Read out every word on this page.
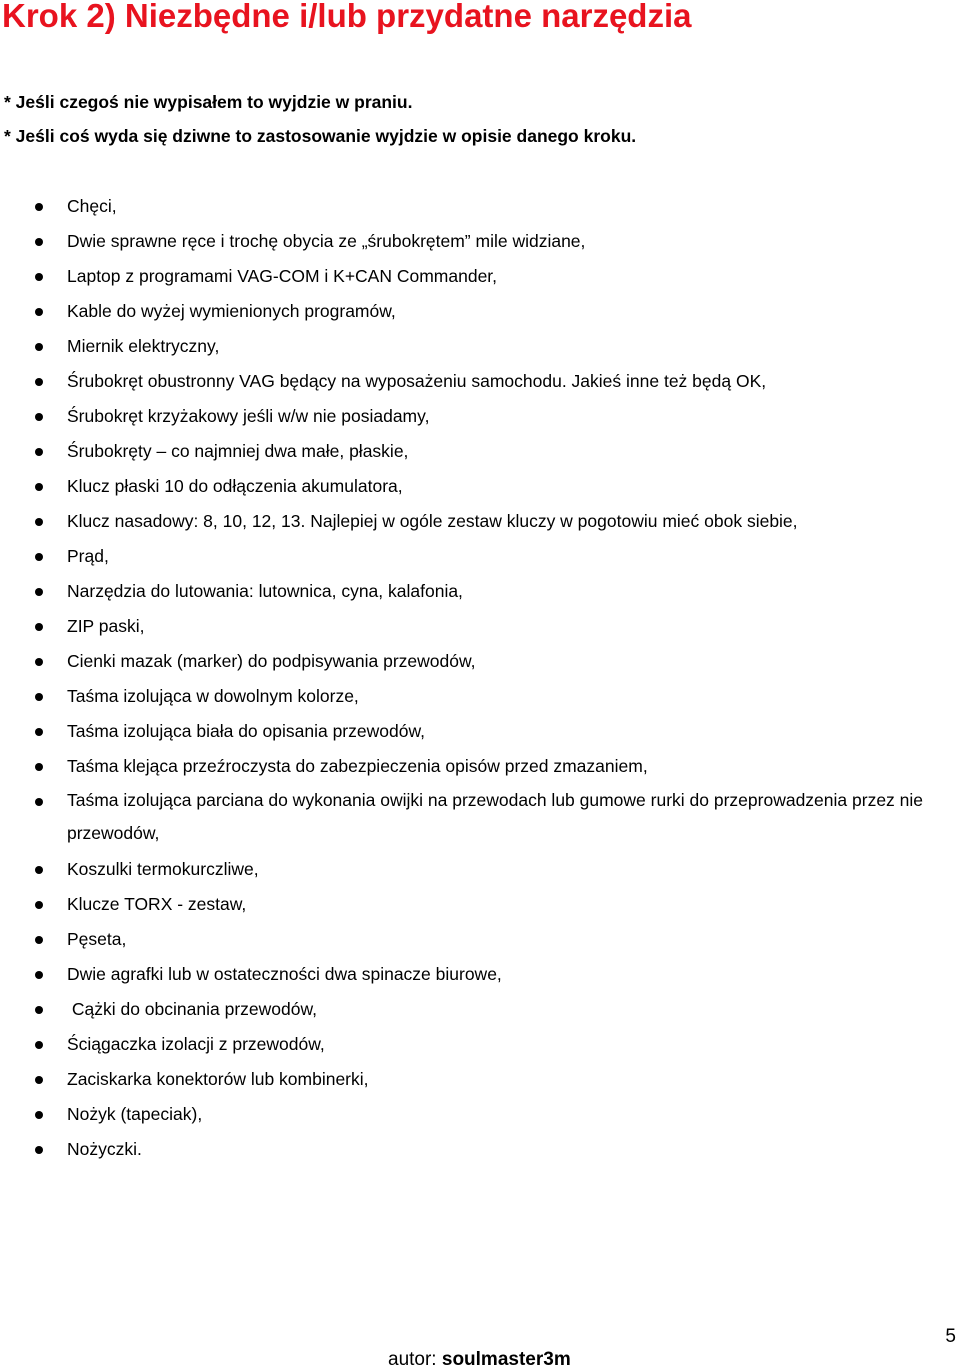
Krok 2) Niezbędne i/lub przydatne narzędzia

* Jeśli czegoś nie wypisałem to wyjdzie w praniu.

* Jeśli coś wyda się dziwne to zastosowanie wyjdzie w opisie danego kroku.

Chęci,
Dwie sprawne ręce i trochę obycia ze „śrubokrętem” mile widziane,
Laptop z programami VAG-COM i K+CAN Commander,
Kable do wyżej wymienionych programów,
Miernik elektryczny,
Śrubokręt obustronny VAG będący na wyposażeniu samochodu. Jakieś inne też będą OK,
Śrubokręt krzyżakowy jeśli w/w nie posiadamy,
Śrubokręty – co najmniej dwa małe, płaskie,
Klucz płaski 10 do odłączenia akumulatora,
Klucz nasadowy: 8, 10, 12, 13. Najlepiej w ogóle zestaw kluczy w pogotowiu mieć obok siebie,
Prąd,
Narzędzia do lutowania: lutownica, cyna, kalafonia,
ZIP paski,
Cienki mazak (marker) do podpisywania przewodów,
Taśma izolująca w dowolnym kolorze,
Taśma izolująca biała do opisania przewodów,
Taśma klejąca przeźroczysta do zabezpieczenia opisów przed zmazaniem,
Taśma izolująca parciana do wykonania owijki na przewodach lub gumowe rurki do przeprowadzenia przez nie przewodów,
Koszulki termokurczliwe,
Klucze TORX - zestaw,
Pęseta,
Dwie agrafki lub w ostateczności dwa spinacze biurowe,
Cążki do obcinania przewodów,
Ściągaczka izolacji z przewodów,
Zaciskarka konektorów lub kombinerki,
Nożyk (tapeciak),
Nożyczki.
5
autor: soulmaster3m
